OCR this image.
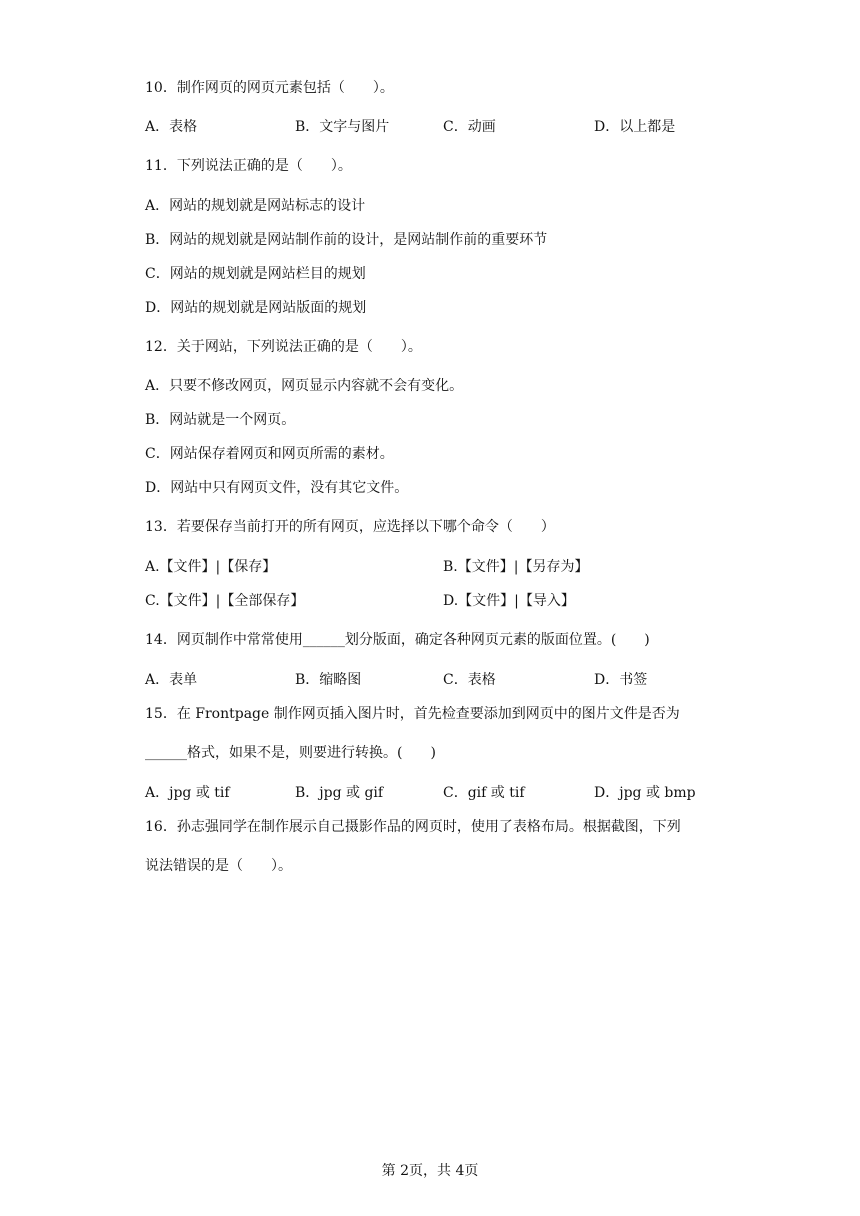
10．制作网页的网页元素包括（　　）。
A．表格	B．文字与图片	C．动画	D．以上都是
11．下列说法正确的是（　　）。
A．网站的规划就是网站标志的设计
B．网站的规划就是网站制作前的设计，是网站制作前的重要环节
C．网站的规划就是网站栏目的规划
D．网站的规划就是网站版面的规划
12．关于网站，下列说法正确的是（　　）。
A．只要不修改网页，网页显示内容就不会有变化。
B．网站就是一个网页。
C．网站保存着网页和网页所需的素材。
D．网站中只有网页文件，没有其它文件。
13．若要保存当前打开的所有网页，应选择以下哪个命令（　　）
A.【文件】|【保存】	B.【文件】|【另存为】
C.【文件】|【全部保存】	D.【文件】|【导入】
14．网页制作中常常使用______划分版面，确定各种网页元素的版面位置。(　　)
A．表单	B．缩略图	C．表格	D．书签
15．在 Frontpage 制作网页插入图片时，首先检查要添加到网页中的图片文件是否为
______格式，如果不是，则要进行转换。(　　)
A．jpg 或 tif	B．jpg 或 gif	C．gif 或 tif	D．jpg 或 bmp
16．孙志强同学在制作展示自己摄影作品的网页时，使用了表格布局。根据截图，下列
说法错误的是（　　）。
第 2页，共 4页
